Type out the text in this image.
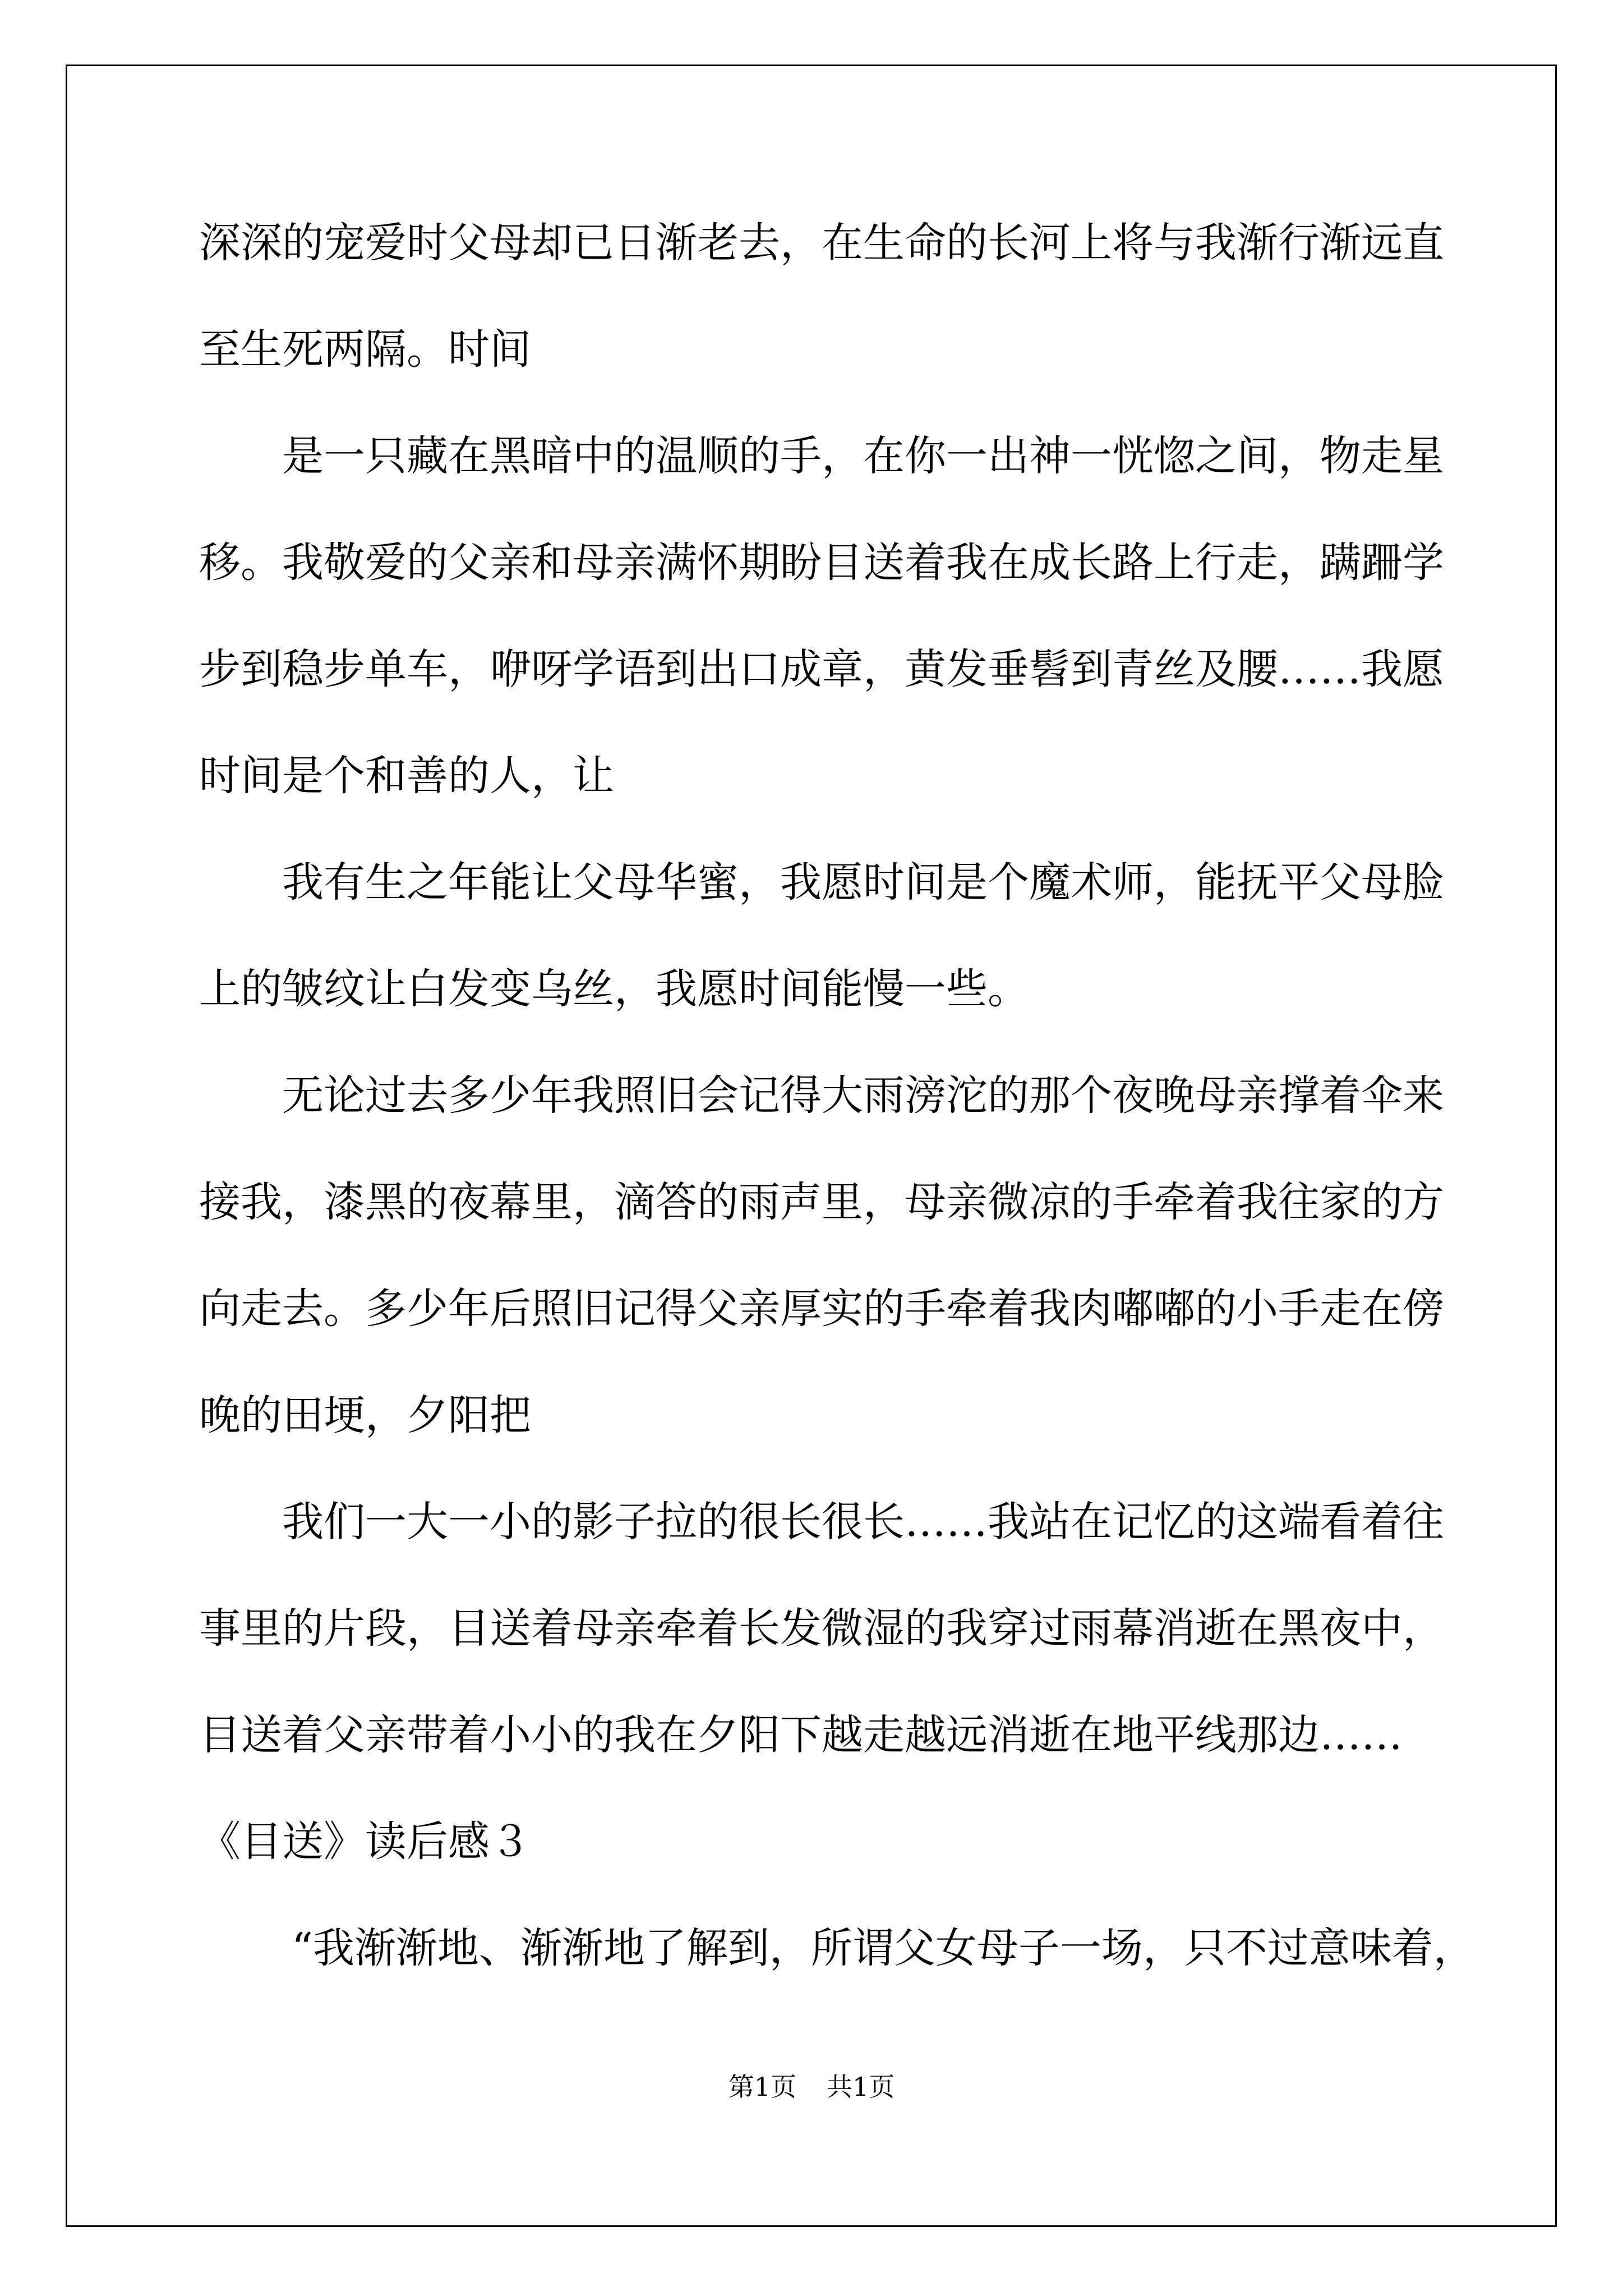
深深的宠爱时父母却已日渐老去，在生命的长河上将与我渐行渐远直
至生死两隔。时间
是一只藏在黑暗中的温顺的手，在你一出神一恍惚之间，物走星
移。我敬爱的父亲和母亲满怀期盼目送着我在成长路上行走，蹒跚学
步到稳步单车，咿呀学语到出口成章，黄发垂髫到青丝及腰……我愿
时间是个和善的人，让
我有生之年能让父母华蜜，我愿时间是个魔术师，能抚平父母脸
上的皱纹让白发变乌丝，我愿时间能慢一些。
无论过去多少年我照旧会记得大雨滂沱的那个夜晚母亲撑着伞来
接我，漆黑的夜幕里，滴答的雨声里，母亲微凉的手牵着我往家的方
向走去。多少年后照旧记得父亲厚实的手牵着我肉嘟嘟的小手走在傍
晚的田埂，夕阳把
我们一大一小的影子拉的很长很长……我站在记忆的这端看着往
事里的片段，目送着母亲牵着长发微湿的我穿过雨幕消逝在黑夜中，
目送着父亲带着小小的我在夕阳下越走越远消逝在地平线那边……
《目送》读后感３
“我渐渐地、渐渐地了解到，所谓父女母子一场，只不过意味着，
第1页 共1页
